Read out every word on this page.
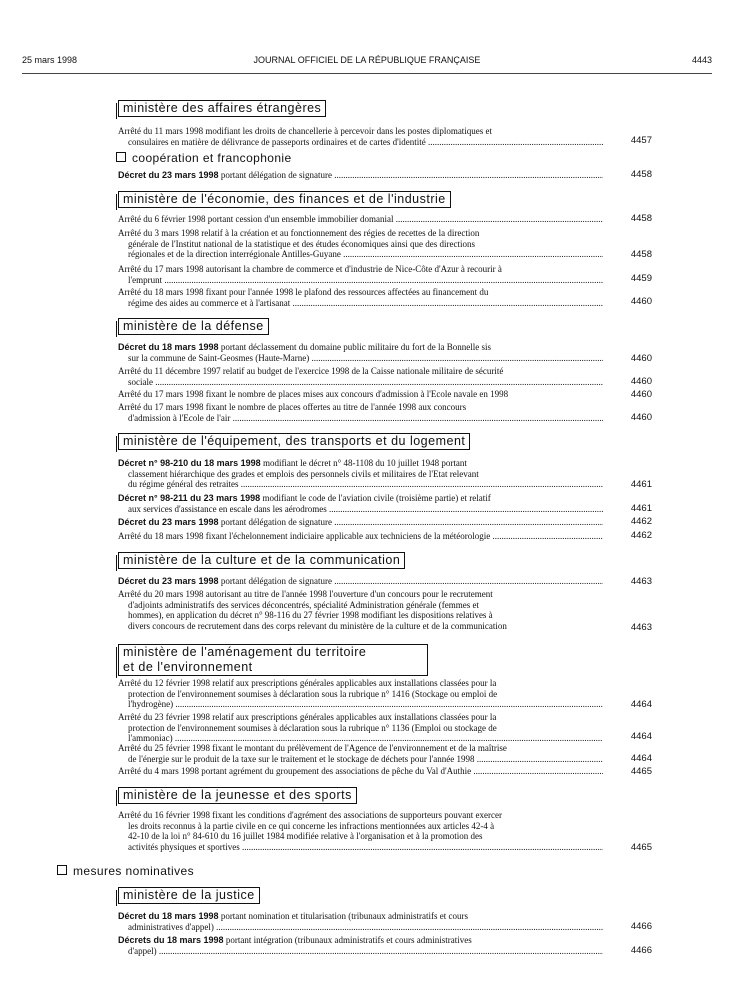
25 mars 1998	JOURNAL OFFICIEL DE LA RÉPUBLIQUE FRANÇAISE	4443
ministère des affaires étrangères
Arrêté du 11 mars 1998 modifiant les droits de chancellerie à percevoir dans les postes diplomatiques et
consulaires en matière de délivrance de passeports ordinaires et de cartes d'identité .....	4457
coopération et francophonie
Décret du 23 mars 1998 portant délégation de signature .....	4458
ministère de l'économie, des finances et de l'industrie
Arrêté du 6 février 1998 portant cession d'un ensemble immobilier domanial .....	4458
Arrêté du 3 mars 1998 relatif à la création et au fonctionnement des régies de recettes de la direction
générale de l'Institut national de la statistique et des études économiques ainsi que des directions
régionales et de la direction interrégionale Antilles-Guyane .....	4458
Arrêté du 17 mars 1998 autorisant la chambre de commerce et d'industrie de Nice-Côte d'Azur à recourir à
l'emprunt .....	4459
Arrêté du 18 mars 1998 fixant pour l'année 1998 le plafond des ressources affectées au financement du
régime des aides au commerce et à l'artisanat .....	4460
ministère de la défense
Décret du 18 mars 1998 portant déclassement du domaine public militaire du fort de la Bonnelle sis
sur la commune de Saint-Geosmes (Haute-Marne) .....	4460
Arrêté du 11 décembre 1997 relatif au budget de l'exercice 1998 de la Caisse nationale militaire de sécurité
sociale .....	4460
Arrêté du 17 mars 1998 fixant le nombre de places mises aux concours d'admission à l'Ecole navale en 1998	4460
Arrêté du 17 mars 1998 fixant le nombre de places offertes au titre de l'année 1998 aux concours
d'admission à l'Ecole de l'air .....	4460
ministère de l'équipement, des transports et du logement
Décret n° 98-210 du 18 mars 1998 modifiant le décret n° 48-1108 du 10 juillet 1948 portant
classement hiérarchique des grades et emplois des personnels civils et militaires de l'Etat relevant
du régime général des retraites .....	4461
Décret n° 98-211 du 23 mars 1998 modifiant le code de l'aviation civile (troisième partie) et relatif
aux services d'assistance en escale dans les aérodromes .....	4461
Décret du 23 mars 1998 portant délégation de signature .....	4462
Arrêté du 18 mars 1998 fixant l'échelonnement indiciaire applicable aux techniciens de la météorologie .....	4462
ministère de la culture et de la communication
Décret du 23 mars 1998 portant délégation de signature .....	4463
Arrêté du 20 mars 1998 autorisant au titre de l'année 1998 l'ouverture d'un concours pour le recrutement
d'adjoints administratifs des services déconcentrés, spécialité Administration générale (femmes et
hommes), en application du décret n° 98-116 du 27 février 1998 modifiant les dispositions relatives à
divers concours de recrutement dans des corps relevant du ministère de la culture et de la communication	4463
ministère de l'aménagement du territoire
et de l'environnement
Arrêté du 12 février 1998 relatif aux prescriptions générales applicables aux installations classées pour la
protection de l'environnement soumises à déclaration sous la rubrique n° 1416 (Stockage ou emploi de
l'hydrogène) .....	4464
Arrêté du 23 février 1998 relatif aux prescriptions générales applicables aux installations classées pour la
protection de l'environnement soumises à déclaration sous la rubrique n° 1136 (Emploi ou stockage de
l'ammoniac) .....	4464
Arrêté du 25 février 1998 fixant le montant du prélèvement de l'Agence de l'environnement et de la maîtrise
de l'énergie sur le produit de la taxe sur le traitement et le stockage de déchets pour l'année 1998 .....	4464
Arrêté du 4 mars 1998 portant agrément du groupement des associations de pêche du Val d'Authie .....	4465
ministère de la jeunesse et des sports
Arrêté du 16 février 1998 fixant les conditions d'agrément des associations de supporteurs pouvant exercer
les droits reconnus à la partie civile en ce qui concerne les infractions mentionnées aux articles 42-4 à
42-10 de la loi n° 84-610 du 16 juillet 1984 modifiée relative à l'organisation et à la promotion des
activités physiques et sportives .....	4465
mesures nominatives
ministère de la justice
Décret du 18 mars 1998 portant nomination et titularisation (tribunaux administratifs et cours
administratives d'appel) .....	4466
Décrets du 18 mars 1998 portant intégration (tribunaux administratifs et cours administratives
d'appel) .....	4466
